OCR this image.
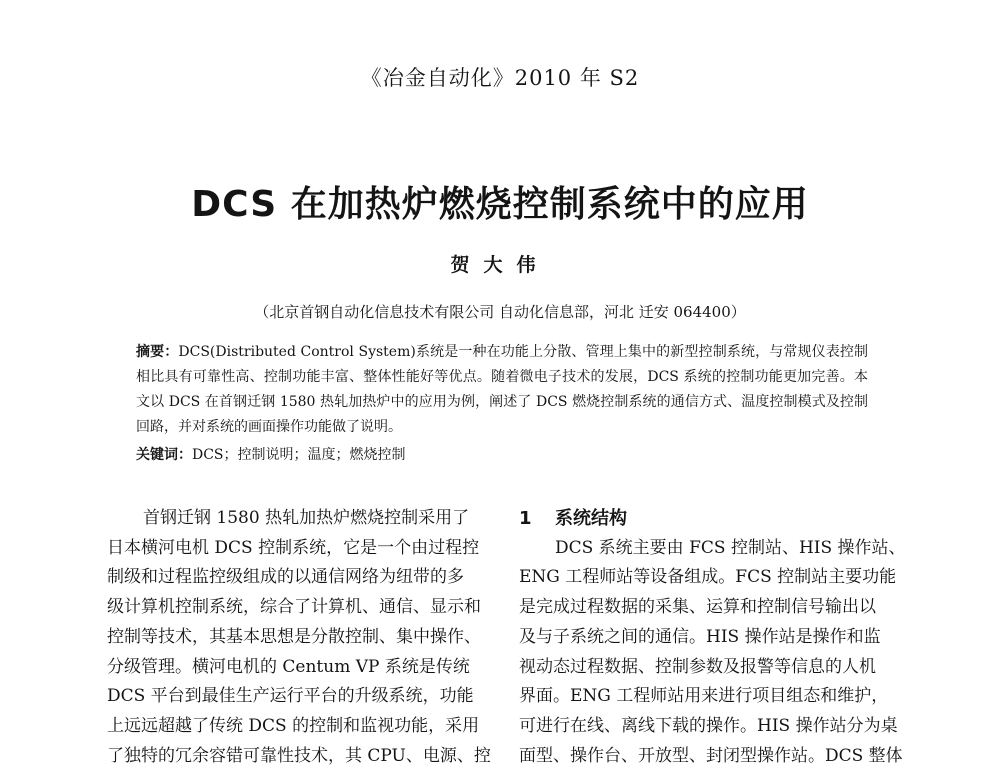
《冶金自动化》2010 年 S2
DCS 在加热炉燃烧控制系统中的应用
贺大伟
（北京首钢自动化信息技术有限公司 自动化信息部，河北 迁安 064400）
摘要：DCS(Distributed Control System)系统是一种在功能上分散、管理上集中的新型控制系统，与常规仪表控制相比具有可靠性高、控制功能丰富、整体性能好等优点。随着微电子技术的发展，DCS 系统的控制功能更加完善。本文以 DCS 在首钢迁钢 1580 热轧加热炉中的应用为例，阐述了 DCS 燃烧控制系统的通信方式、温度控制模式及控制回路，并对系统的画面操作功能做了说明。
关键词：DCS；控制说明；温度；燃烧控制
首钢迁钢 1580 热轧加热炉燃烧控制采用了
日本横河电机 DCS 控制系统，它是一个由过程控
制级和过程监控级组成的以通信网络为纽带的多
级计算机控制系统，综合了计算机、通信、显示和
控制等技术，其基本思想是分散控制、集中操作、
分级管理。横河电机的 Centum VP 系统是传统
DCS 平台到最佳生产运行平台的升级系统，功能
上远远超越了传统 DCS 的控制和监视功能，采用
了独特的冗余容错可靠性技术，其 CPU、电源、控
1 系统结构
DCS 系统主要由 FCS 控制站、HIS 操作站、
ENG 工程师站等设备组成。FCS 控制站主要功能
是完成过程数据的采集、运算和控制信号输出以
及与子系统之间的通信。HIS 操作站是操作和监
视动态过程数据、控制参数及报警等信息的人机
界面。ENG 工程师站用来进行项目组态和维护，
可进行在线、离线下载的操作。HIS 操作站分为桌
面型、操作台、开放型、封闭型操作站。DCS 整体
